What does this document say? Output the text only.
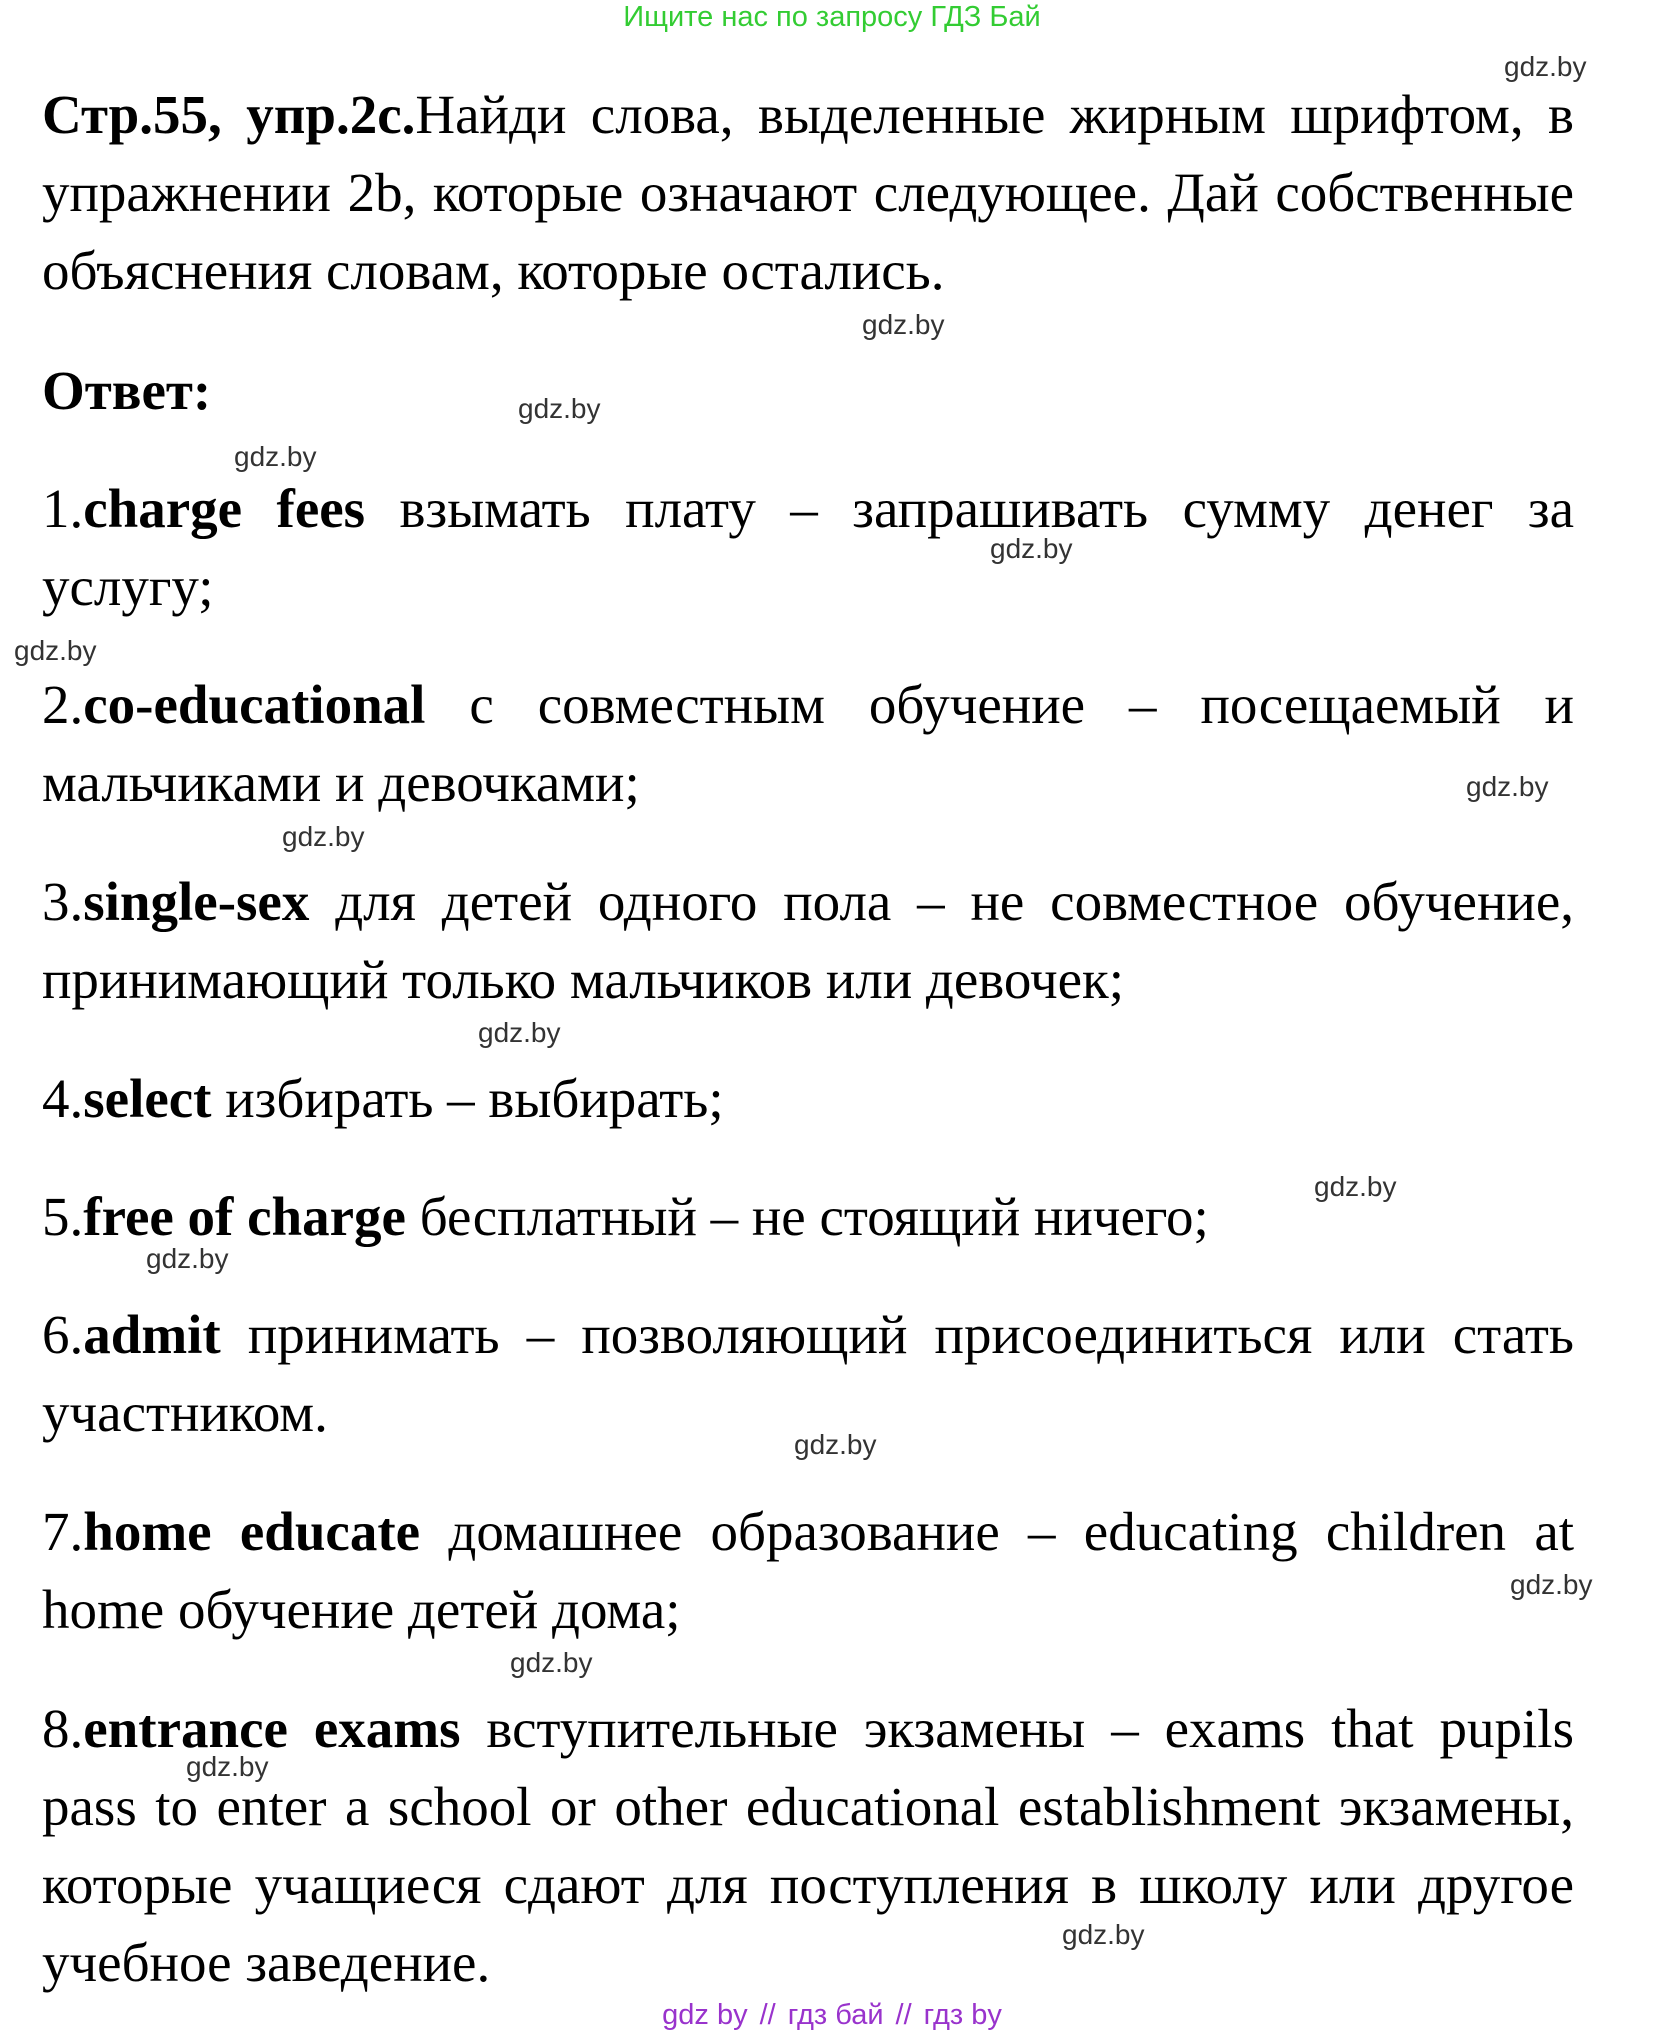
Ищите нас по запросу ГДЗ Бай
gdz.by
gdz.by
gdz.by
gdz.by
gdz.by
gdz.by
gdz.by
gdz.by
gdz.by
gdz.by
gdz.by
gdz.by
gdz.by
gdz.by
gdz.by
gdz.by
Стр.55, упр.2с.Найди слова, выделенные жирным шрифтом, в упражнении 2b, которые означают следующее. Дай собственные объяснения словам, которые остались.
Ответ:
1.charge fees взымать плату – запрашивать сумму денег за услугу;
2.co-educational с совместным обучение – посещаемый и мальчиками и девочками;
3.single-sex для детей одного пола – не совместное обучение, принимающий только мальчиков или девочек;
4.select избирать – выбирать;
5.free of charge бесплатный – не стоящий ничего;
6.admit принимать – позволяющий присоединиться или стать участником.
7.home educate домашнее образование – educating children at home обучение детей дома;
8.entrance exams вступительные экзамены – exams that pupils pass to enter a school or other educational establishment экзамены, которые учащиеся сдают для поступления в школу или другое учебное заведение.
gdz by // гдз бай // гдз by
